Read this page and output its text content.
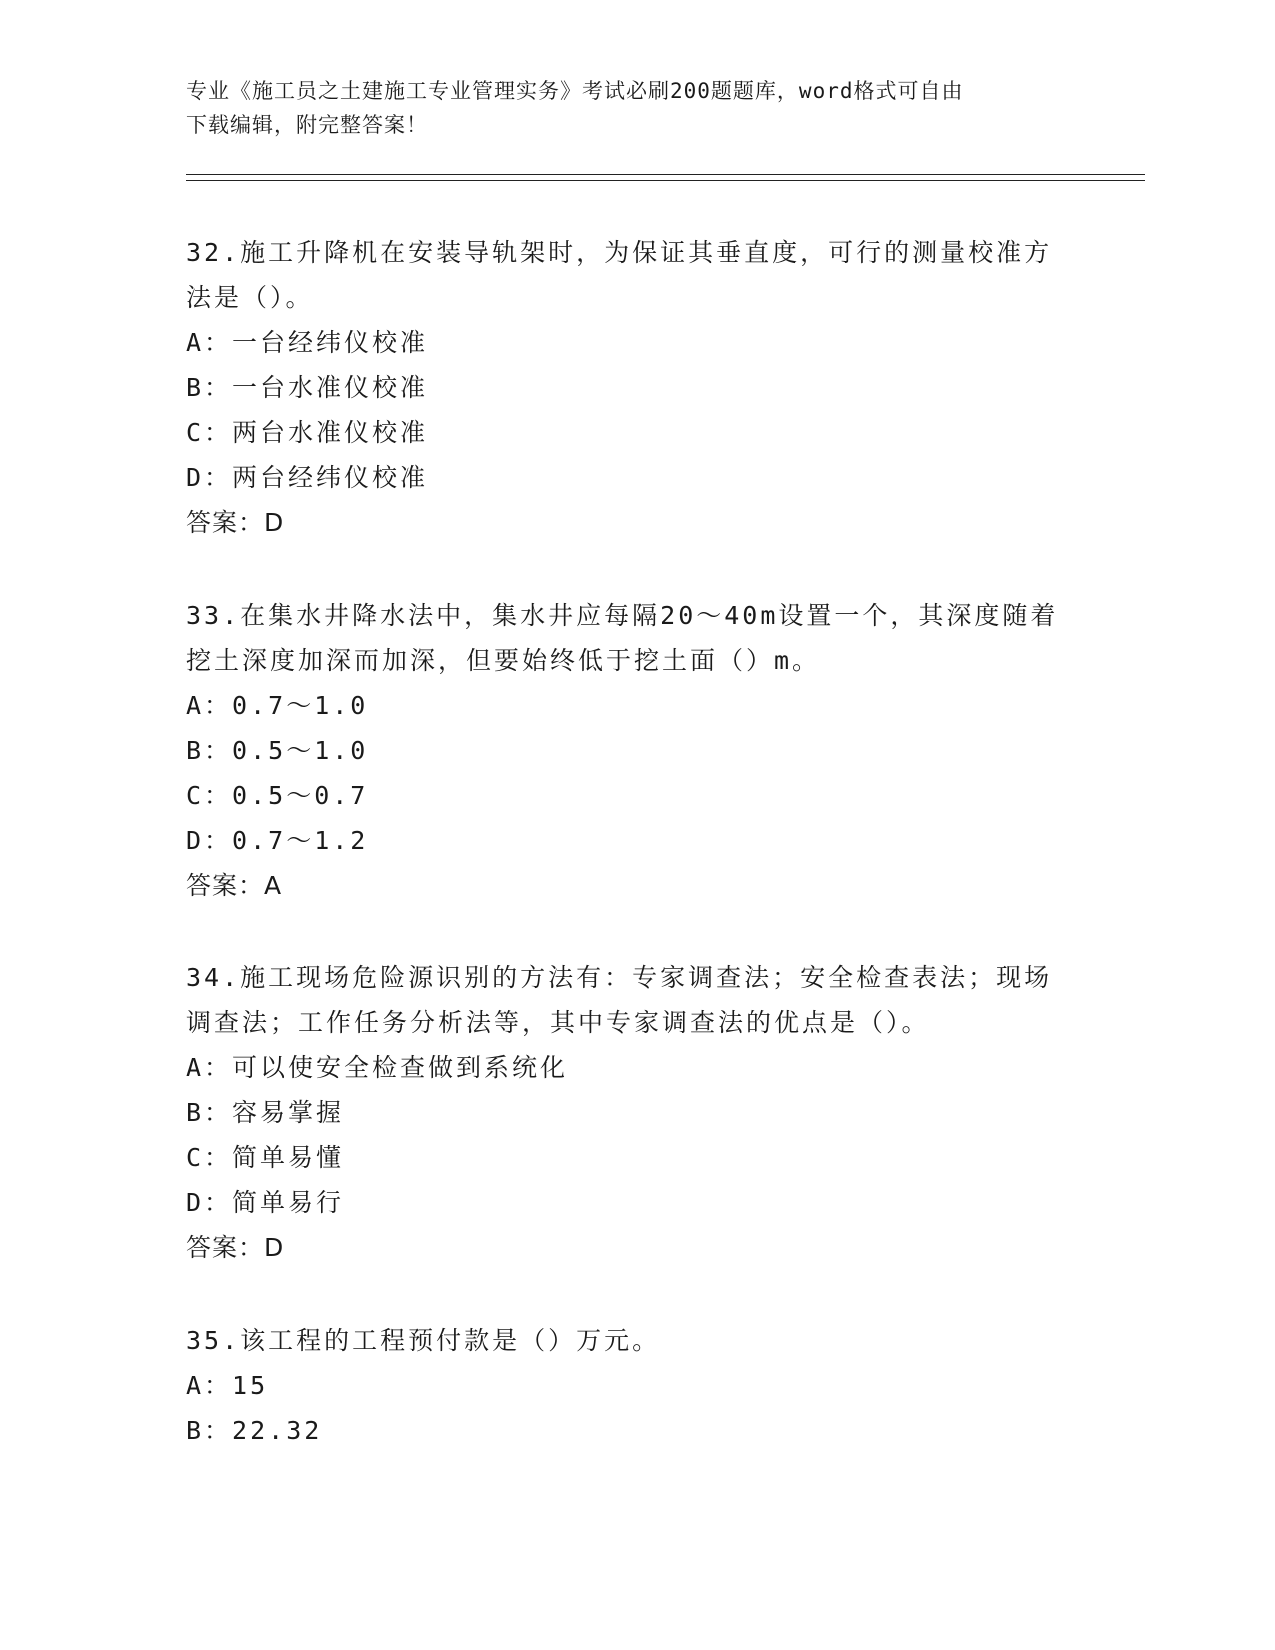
专业《施工员之土建施工专业管理实务》考试必刷200题题库，word格式可自由
下载编辑，附完整答案！
32.施工升降机在安装导轨架时，为保证其垂直度，可行的测量校准方
法是（）。
A：一台经纬仪校准
B：一台水准仪校准
C：两台水准仪校准
D：两台经纬仪校准
答案：D
33.在集水井降水法中，集水井应每隔20～40m设置一个，其深度随着
挖土深度加深而加深，但要始终低于挖土面（）m。
A：0.7～1.0
B：0.5～1.0
C：0.5～0.7
D：0.7～1.2
答案：A
34.施工现场危险源识别的方法有：专家调查法；安全检查表法；现场
调查法；工作任务分析法等，其中专家调查法的优点是（）。
A：可以使安全检查做到系统化
B：容易掌握
C：简单易懂
D：简单易行
答案：D
35.该工程的工程预付款是（）万元。
A：15
B：22.32
